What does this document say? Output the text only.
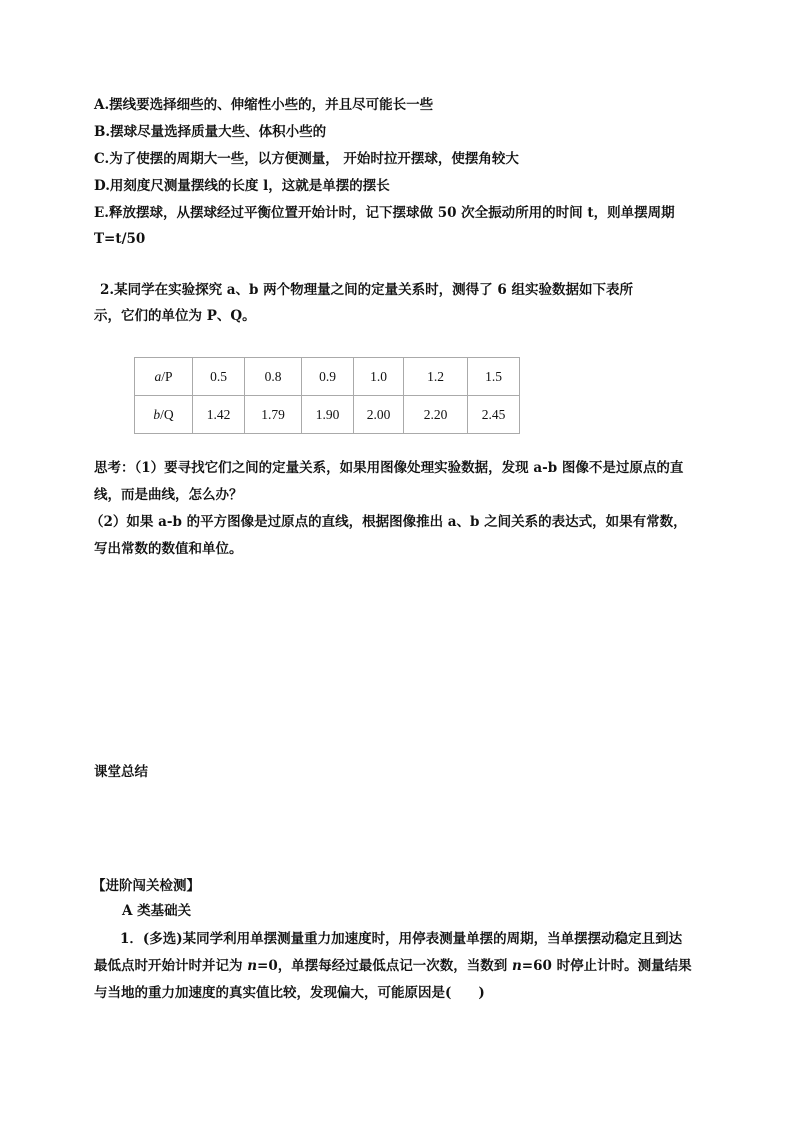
A.摆线要选择细些的、伸缩性小些的，并且尽可能长一些
B.摆球尽量选择质量大些、体积小些的
C.为了使摆的周期大一些，以方便测量， 开始时拉开摆球，使摆角较大
D.用刻度尺测量摆线的长度 l，这就是单摆的摆长
E.释放摆球，从摆球经过平衡位置开始计时，记下摆球做 50 次全振动所用的时间 t，则单摆周期
T=t/50
2.某同学在实验探究 a、b 两个物理量之间的定量关系时，测得了 6 组实验数据如下表所
示，它们的单位为 P、Q。
a/P	0.5	0.8	0.9	1.0	1.2	1.5
b/Q	1.42	1.79	1.90	2.00	2.20	2.45
思考：（1）要寻找它们之间的定量关系，如果用图像处理实验数据，发现 a-b 图像不是过原点的直
线，而是曲线，怎么办？
（2）如果 a-b 的平方图像是过原点的直线，根据图像推出 a、b 之间关系的表达式，如果有常数，
写出常数的数值和单位。
课堂总结
【进阶闯关检测】
A 类基础关
1．(多选)某同学利用单摆测量重力加速度时，用停表测量单摆的周期，当单摆摆动稳定且到达
最低点时开始计时并记为 n=0，单摆每经过最低点记一次数，当数到 n=60 时停止计时。测量结果
与当地的重力加速度的真实值比较，发现偏大，可能原因是(　　)
